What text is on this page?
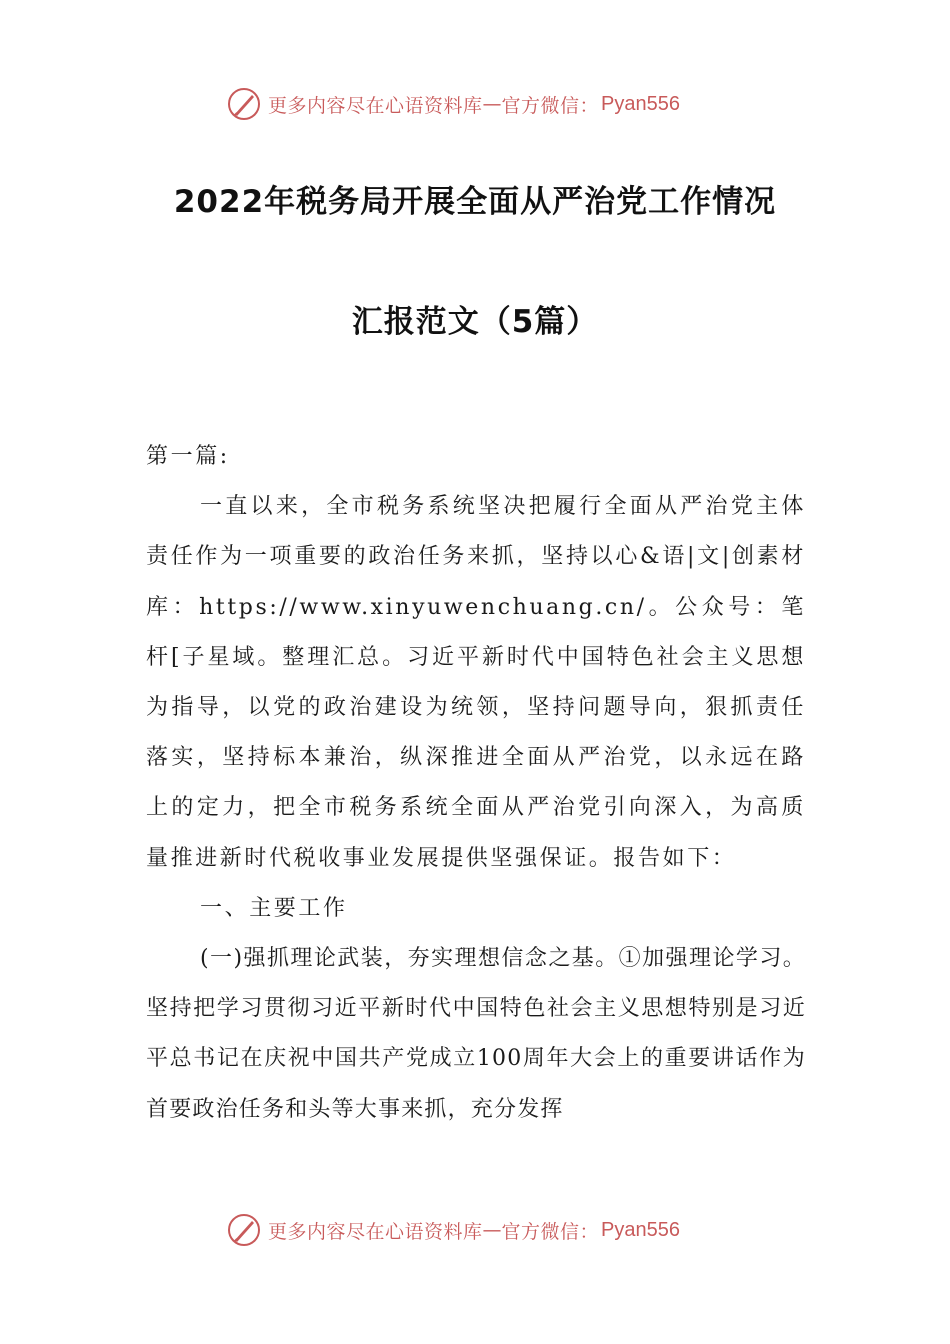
更多内容尽在心语资料库 — 官方微信： Pyan556
2022年税务局开展全面从严治党工作情况
汇报范文（5篇）

第一篇:

一直以来，全市税务系统坚决把履行全面从严治党主体责任作为一项重要的政治任务来抓，坚持以心&语|文|创素材库：https://www.xinyuwenchuang.cn/。公众号：笔杆[子星域。整理汇总。习近平新时代中国特色社会主义思想为指导，以党的政治建设为统领，坚持问题导向，狠抓责任落实，坚持标本兼治，纵深推进全面从严治党，以永远在路上的定力，把全市税务系统全面从严治党引向深入，为高质量推进新时代税收事业发展提供坚强保证。报告如下：

一、主要工作

(一)强抓理论武装，夯实理想信念之基。①加强理论学习。坚持把学习贯彻习近平新时代中国特色社会主义思想特别是习近平总书记在庆祝中国共产党成立100周年大会上的重要讲话作为首要政治任务和头等大事来抓，充分发挥

更多内容尽在心语资料库 — 官方微信： Pyan556
